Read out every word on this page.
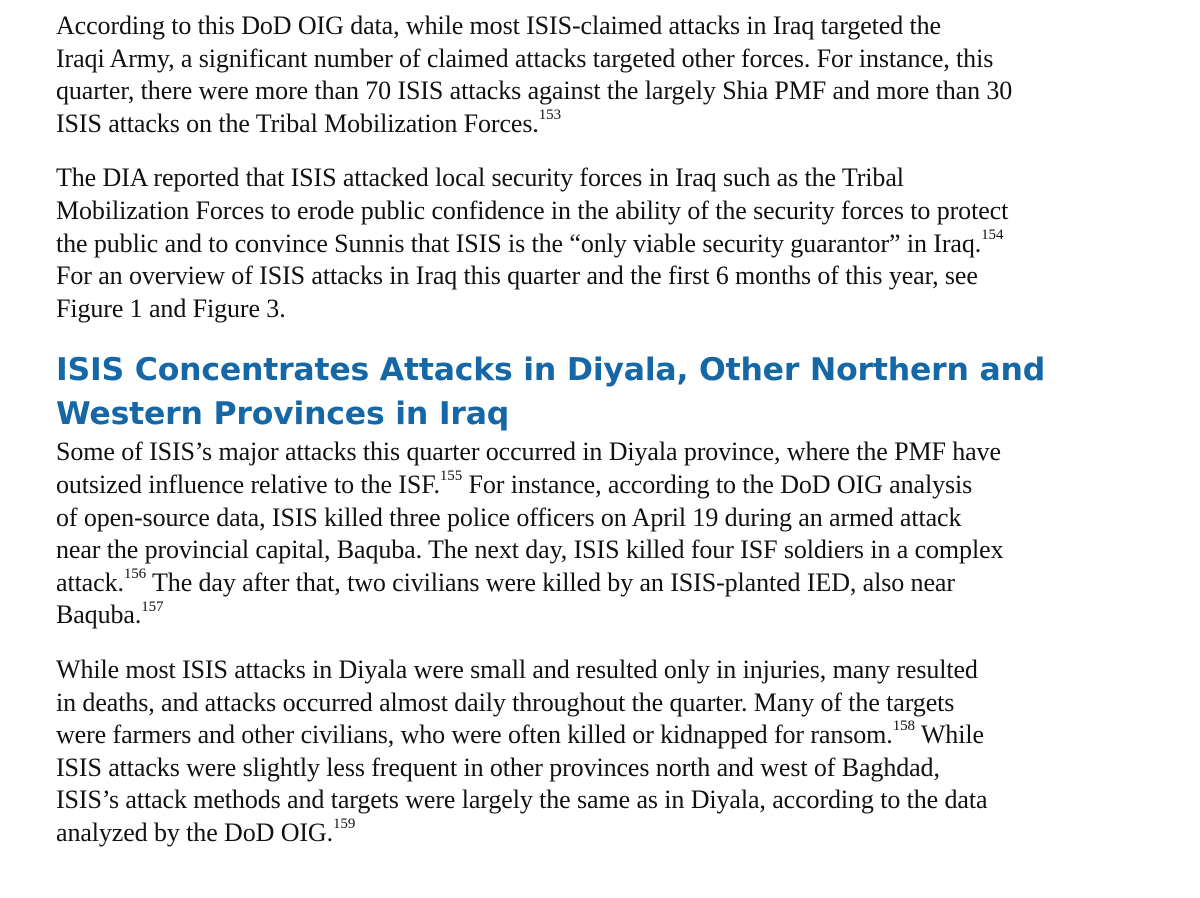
According to this DoD OIG data, while most ISIS-claimed attacks in Iraq targeted the
Iraqi Army, a significant number of claimed attacks targeted other forces. For instance, this
quarter, there were more than 70 ISIS attacks against the largely Shia PMF and more than 30
ISIS attacks on the Tribal Mobilization Forces.$^{153}$
The DIA reported that ISIS attacked local security forces in Iraq such as the Tribal
Mobilization Forces to erode public confidence in the ability of the security forces to protect
the public and to convince Sunnis that ISIS is the “only viable security guarantor” in Iraq.$^{154}$
For an overview of ISIS attacks in Iraq this quarter and the first 6 months of this year, see
Figure 1 and Figure 3.
ISIS Concentrates Attacks in Diyala, Other Northern and
Western Provinces in Iraq
Some of ISIS’s major attacks this quarter occurred in Diyala province, where the PMF have
outsized influence relative to the ISF.$^{155}$ For instance, according to the DoD OIG analysis
of open-source data, ISIS killed three police officers on April 19 during an armed attack
near the provincial capital, Baquba. The next day, ISIS killed four ISF soldiers in a complex
attack.$^{156}$ The day after that, two civilians were killed by an ISIS-planted IED, also near
Baquba.$^{157}$
While most ISIS attacks in Diyala were small and resulted only in injuries, many resulted
in deaths, and attacks occurred almost daily throughout the quarter. Many of the targets
were farmers and other civilians, who were often killed or kidnapped for ransom.$^{158}$ While
ISIS attacks were slightly less frequent in other provinces north and west of Baghdad,
ISIS’s attack methods and targets were largely the same as in Diyala, according to the data
analyzed by the DoD OIG.$^{159}$
